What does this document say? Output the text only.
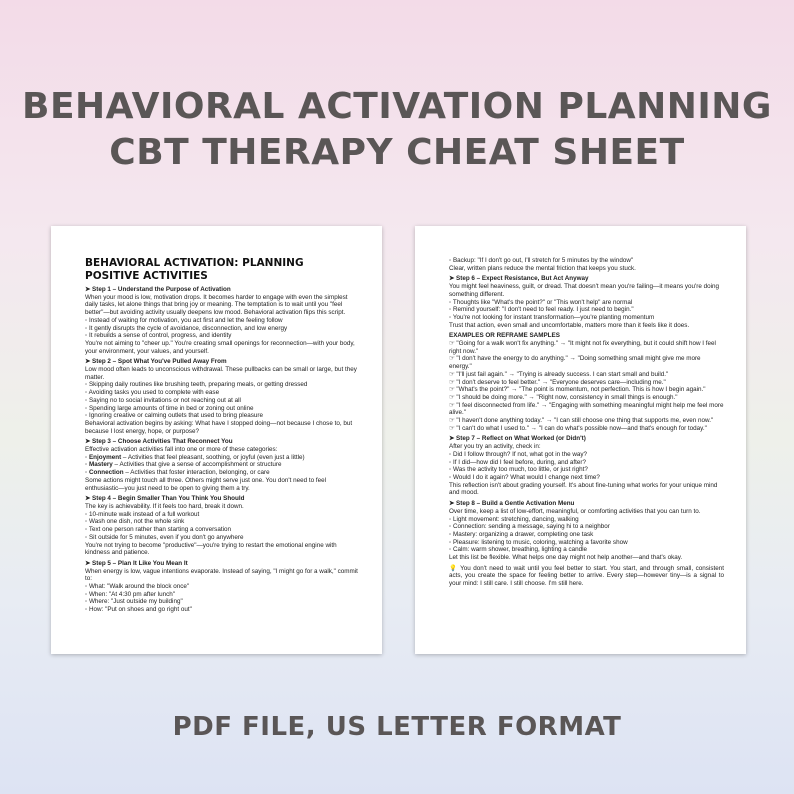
BEHAVIORAL ACTIVATION PLANNING
CBT THERAPY CHEAT SHEET
BEHAVIORAL ACTIVATION: PLANNING POSITIVE ACTIVITIES
➤ Step 1 – Understand the Purpose of Activation

When your mood is low, motivation drops. It becomes harder to engage with even the simplest daily tasks, let alone things that bring joy or meaning. The temptation is to wait until you "feel better"—but avoiding activity usually deepens low mood. Behavioral activation flips this script.

◦ Instead of waiting for motivation, you act first and let the feeling follow

◦ It gently disrupts the cycle of avoidance, disconnection, and low energy

◦ It rebuilds a sense of control, progress, and identity

You're not aiming to "cheer up." You're creating small openings for reconnection—with your body, your environment, your values, and yourself.

➤ Step 2 – Spot What You've Pulled Away From

Low mood often leads to unconscious withdrawal. These pullbacks can be small or large, but they matter.

◦ Skipping daily routines like brushing teeth, preparing meals, or getting dressed

◦ Avoiding tasks you used to complete with ease

◦ Saying no to social invitations or not reaching out at all

◦ Spending large amounts of time in bed or zoning out online

◦ Ignoring creative or calming outlets that used to bring pleasure

Behavioral activation begins by asking: What have I stopped doing—not because I chose to, but because I lost energy, hope, or purpose?

➤ Step 3 – Choose Activities That Reconnect You

Effective activation activities fall into one or more of these categories:

◦ Enjoyment – Activities that feel pleasant, soothing, or joyful (even just a little)

◦ Mastery – Activities that give a sense of accomplishment or structure

◦ Connection – Activities that foster interaction, belonging, or care

Some actions might touch all three. Others might serve just one. You don't need to feel enthusiastic—you just need to be open to giving them a try.

➤ Step 4 – Begin Smaller Than You Think You Should

The key is achievability. If it feels too hard, break it down.

◦ 10-minute walk instead of a full workout

◦ Wash one dish, not the whole sink

◦ Text one person rather than starting a conversation

◦ Sit outside for 5 minutes, even if you don't go anywhere

You're not trying to become "productive"—you're trying to restart the emotional engine with kindness and patience.

➤ Step 5 – Plan It Like You Mean It

When energy is low, vague intentions evaporate. Instead of saying, "I might go for a walk," commit to:

◦ What: "Walk around the block once"

◦ When: "At 4:30 pm after lunch"

◦ Where: "Just outside my building"

◦ How: "Put on shoes and go right out"

◦ Backup: "If I don't go out, I'll stretch for 5 minutes by the window"

Clear, written plans reduce the mental friction that keeps you stuck.

➤ Step 6 – Expect Resistance, But Act Anyway

You might feel heaviness, guilt, or dread. That doesn't mean you're failing—it means you're doing something different.

◦ Thoughts like "What's the point?" or "This won't help" are normal

◦ Remind yourself: "I don't need to feel ready. I just need to begin."

◦ You're not looking for instant transformation—you're planting momentum

Trust that action, even small and uncomfortable, matters more than it feels like it does.

EXAMPLES OR REFRAME SAMPLES

☞ "Going for a walk won't fix anything." → "It might not fix everything, but it could shift how I feel right now."

☞ "I don't have the energy to do anything." → "Doing something small might give me more energy."

☞ "I'll just fail again." → "Trying is already success. I can start small and build."

☞ "I don't deserve to feel better." → "Everyone deserves care—including me."

☞ "What's the point?" → "The point is momentum, not perfection. This is how I begin again."

☞ "I should be doing more." → "Right now, consistency in small things is enough."

☞ "I feel disconnected from life." → "Engaging with something meaningful might help me feel more alive."

☞ "I haven't done anything today." → "I can still choose one thing that supports me, even now."

☞ "I can't do what I used to." → "I can do what's possible now—and that's enough for today."

➤ Step 7 – Reflect on What Worked (or Didn't)

After you try an activity, check in:

◦ Did I follow through? If not, what got in the way?

◦ If I did—how did I feel before, during, and after?

◦ Was the activity too much, too little, or just right?

◦ Would I do it again? What would I change next time?

This reflection isn't about grading yourself. It's about fine-tuning what works for your unique mind and mood.

➤ Step 8 – Build a Gentle Activation Menu

Over time, keep a list of low-effort, meaningful, or comforting activities that you can turn to.

◦ Light movement: stretching, dancing, walking

◦ Connection: sending a message, saying hi to a neighbor

◦ Mastery: organizing a drawer, completing one task

◦ Pleasure: listening to music, coloring, watching a favorite show

◦ Calm: warm shower, breathing, lighting a candle

Let this list be flexible. What helps one day might not help another—and that's okay.

💡 You don't need to wait until you feel better to start. You start, and through small, consistent acts, you create the space for feeling better to arrive. Every step—however tiny—is a signal to your mind: I still care. I still choose. I'm still here.

PDF FILE, US LETTER FORMAT
